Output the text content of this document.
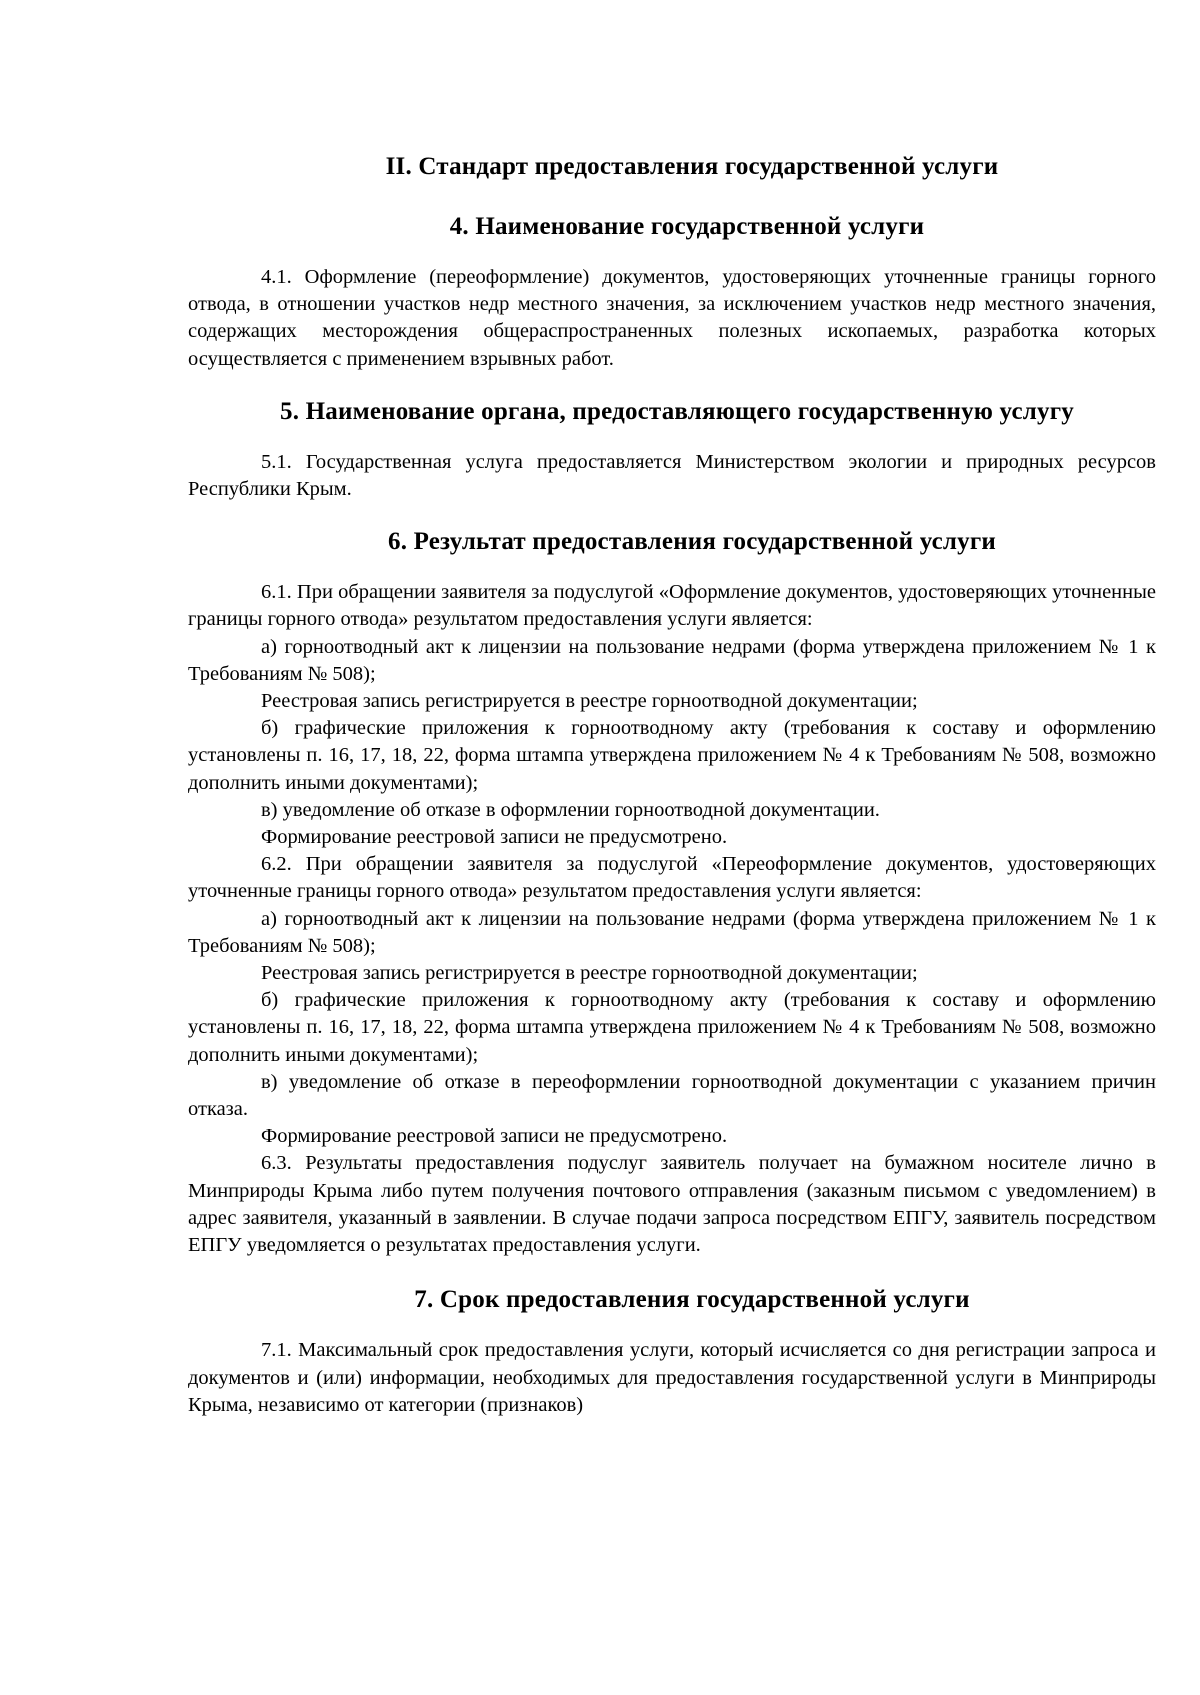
II. Стандарт предоставления государственной услуги
4. Наименование государственной услуги

4.1. Оформление (переоформление) документов, удостоверяющих уточненные границы горного отвода, в отношении участков недр местного значения, за исключением участков недр местного значения, содержащих месторождения общераспространенных полезных ископаемых, разработка которых осуществляется с применением взрывных работ.

5. Наименование органа, предоставляющего государственную услугу

5.1. Государственная услуга предоставляется Министерством экологии и природных ресурсов Республики Крым.

6. Результат предоставления государственной услуги

6.1. При обращении заявителя за подуслугой «Оформление документов, удостоверяющих уточненные границы горного отвода» результатом предоставления услуги является:

а) горноотводный акт к лицензии на пользование недрами (форма утверждена приложением № 1 к Требованиям № 508);

Реестровая запись регистрируется в реестре горноотводной документации;

б) графические приложения к горноотводному акту (требования к составу и оформлению установлены п. 16, 17, 18, 22, форма штампа утверждена приложением № 4 к Требованиям № 508, возможно дополнить иными документами);

в) уведомление об отказе в оформлении горноотводной документации.

Формирование реестровой записи не предусмотрено.

6.2. При обращении заявителя за подуслугой «Переоформление документов, удостоверяющих уточненные границы горного отвода» результатом предоставления услуги является:

а) горноотводный акт к лицензии на пользование недрами (форма утверждена приложением № 1 к Требованиям № 508);

Реестровая запись регистрируется в реестре горноотводной документации;

б) графические приложения к горноотводному акту (требования к составу и оформлению установлены п. 16, 17, 18, 22, форма штампа утверждена приложением № 4 к Требованиям № 508, возможно дополнить иными документами);

в) уведомление об отказе в переоформлении горноотводной документации с указанием причин отказа.

Формирование реестровой записи не предусмотрено.

6.3. Результаты предоставления подуслуг заявитель получает на бумажном носителе лично в Минприроды Крыма либо путем получения почтового отправления (заказным письмом с уведомлением) в адрес заявителя, указанный в заявлении. В случае подачи запроса посредством ЕПГУ, заявитель посредством ЕПГУ уведомляется о результатах предоставления услуги.

7. Срок предоставления государственной услуги

7.1. Максимальный срок предоставления услуги, который исчисляется со дня регистрации запроса и документов и (или) информации, необходимых для предоставления государственной услуги в Минприроды Крыма, независимо от категории (признаков)
